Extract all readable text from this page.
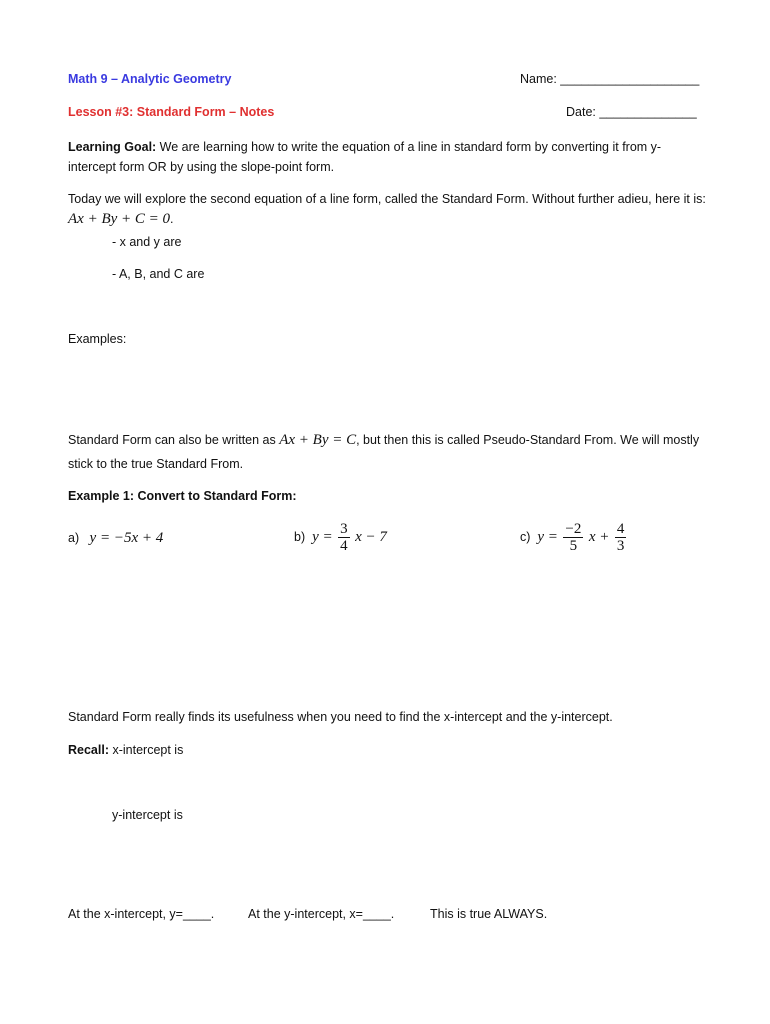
Math 9 – Analytic Geometry	Name: ____________________
Lesson #3: Standard Form – Notes	Date: ______________
Learning Goal: We are learning how to write the equation of a line in standard form by converting it from y-intercept form OR by using the slope-point form.
Today we will explore the second equation of a line form, called the Standard Form. Without further adieu, here it is: Ax + By + C = 0.
- x and y are
- A, B, and C are
Examples:
Standard Form can also be written as Ax + By = C, but then this is called Pseudo-Standard From. We will mostly stick to the true Standard From.
Example 1: Convert to Standard Form:
a) y = −5x + 4	b) $y = \frac{3}{4}$ x − 7	c) $y = \frac{-2}{5}$ $x + \frac{4}{3}$
Standard Form really finds its usefulness when you need to find the x-intercept and the y-intercept.
Recall: x-intercept is
y-intercept is
At the x-intercept, y=____.	At the y-intercept, x=____.	This is true ALWAYS.
